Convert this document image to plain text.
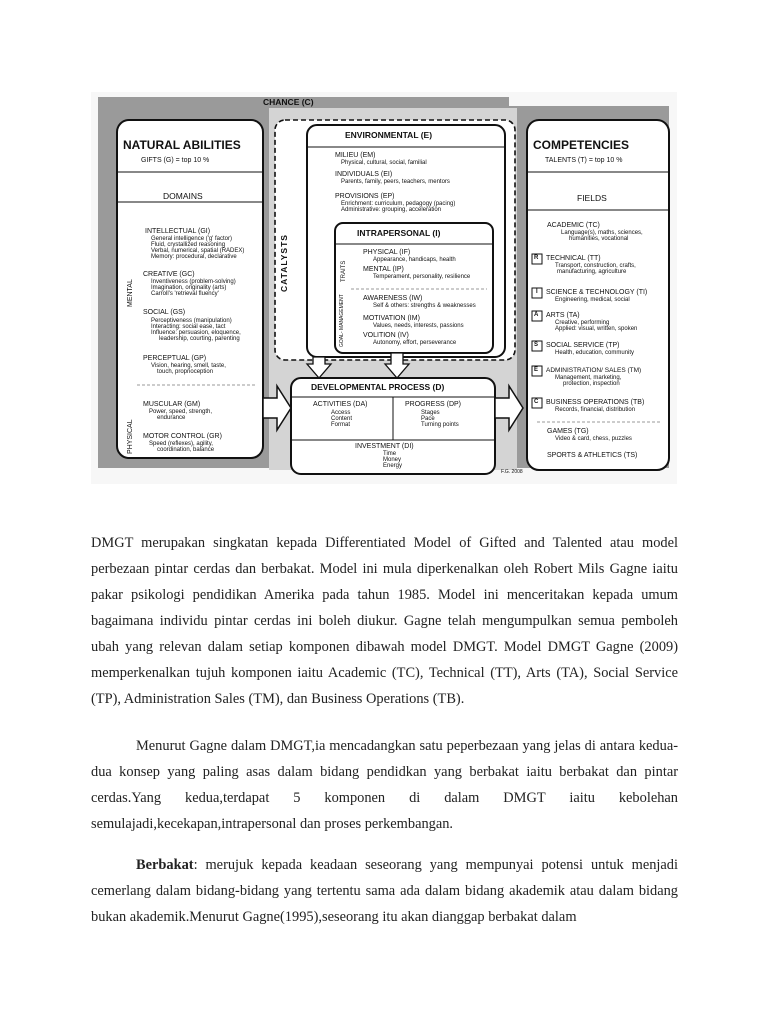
CHANCE (C)
CATALYSTS
NATURAL ABILITIES
GIFTS (G) = top 10 %
DOMAINS
MENTAL
PHYSICAL
INTELLECTUAL (GI)
General intelligence ('g' factor)
Fluid, crystallized reasoning
Verbal, numerical, spatial (RADEX)
Memory: procedural, declarative
CREATIVE (GC)
Inventiveness (problem-solving)
Imagination, originality (arts)
Carroll's 'retrieval fluency'
SOCIAL (GS)
Perceptiveness (manipulation)
Interacting: social ease, tact
Influence: persuasion, eloquence,
leadership, courting, parenting
PERCEPTUAL (GP)
Vision, hearing, smell, taste,
touch, proprioception
MUSCULAR (GM)
Power, speed, strength,
endurance
MOTOR CONTROL (GR)
Speed (reflexes), agility,
coordination, balance
ENVIRONMENTAL (E)
MILIEU (EM)
Physical, cultural, social, familial
INDIVIDUALS (EI)
Parents, family, peers, teachers, mentors
PROVISIONS (EP)
Enrichment: curriculum, pedagogy (pacing)
Administrative: grouping, acceleration
INTRAPERSONAL (I)
TRAITS
GOAL- MANAGEMENT
PHYSICAL (IF)
Appearance, handicaps, health
MENTAL (IP)
Temperament, personality, resilience
AWARENESS (IW)
Self & others: strengths & weaknesses
MOTIVATION (IM)
Values, needs, interests, passions
VOLITION (IV)
Autonomy, effort, perseverance
DEVELOPMENTAL PROCESS (D)
ACTIVITIES (DA)
Access
Content
Format
PROGRESS (DP)
Stages
Pace
Turning points
INVESTMENT (DI)
Time
Money
Energy
F.G. 2008
COMPETENCIES
TALENTS (T) = top 10 %
FIELDS
ACADEMIC (TC)
Language(s), maths, sciences,
humanities, vocational
R TECHNICAL (TT)
Transport, construction, crafts,
manufacturing, agriculture
I SCIENCE & TECHNOLOGY (TI)
Engineering, medical, social
A ARTS (TA)
Creative, performing
Applied: visual, written, spoken
S SOCIAL SERVICE (TP)
Health, education, community
E ADMINISTRATION/ SALES (TM)
Management, marketing,
protection, inspection
C BUSINESS OPERATIONS (TB)
Records, financial, distribution
GAMES (TG)
Video & card, chess, puzzles
SPORTS & ATHLETICS (TS)

DMGT merupakan singkatan kepada Differentiated Model of Gifted and Talented atau model perbezaan pintar cerdas dan berbakat. Model ini mula diperkenalkan oleh Robert Mils Gagne iaitu pakar psikologi pendidikan Amerika pada tahun 1985. Model ini menceritakan kepada umum bagaimana individu pintar cerdas ini boleh diukur. Gagne telah mengumpulkan semua pemboleh ubah yang relevan dalam setiap komponen dibawah model DMGT. Model DMGT Gagne (2009) memperkenalkan tujuh komponen iaitu Academic (TC), Technical (TT), Arts (TA), Social Service (TP), Administration Sales (TM), dan Business Operations (TB).

Menurut Gagne dalam DMGT,ia mencadangkan satu peperbezaan yang jelas di antara kedua-dua konsep yang paling asas dalam bidang pendidkan yang berbakat iaitu berbakat dan pintar cerdas.Yang kedua,terdapat 5 komponen di dalam DMGT iaitu kebolehan semulajadi,kecekapan,intrapersonal dan proses perkembangan.

Berbakat: merujuk kepada keadaan seseorang yang mempunyai potensi untuk menjadi cemerlang dalam bidang-bidang yang tertentu sama ada dalam bidang akademik atau dalam bidang bukan akademik.Menurut Gagne(1995),seseorang itu akan dianggap berbakat dalam
